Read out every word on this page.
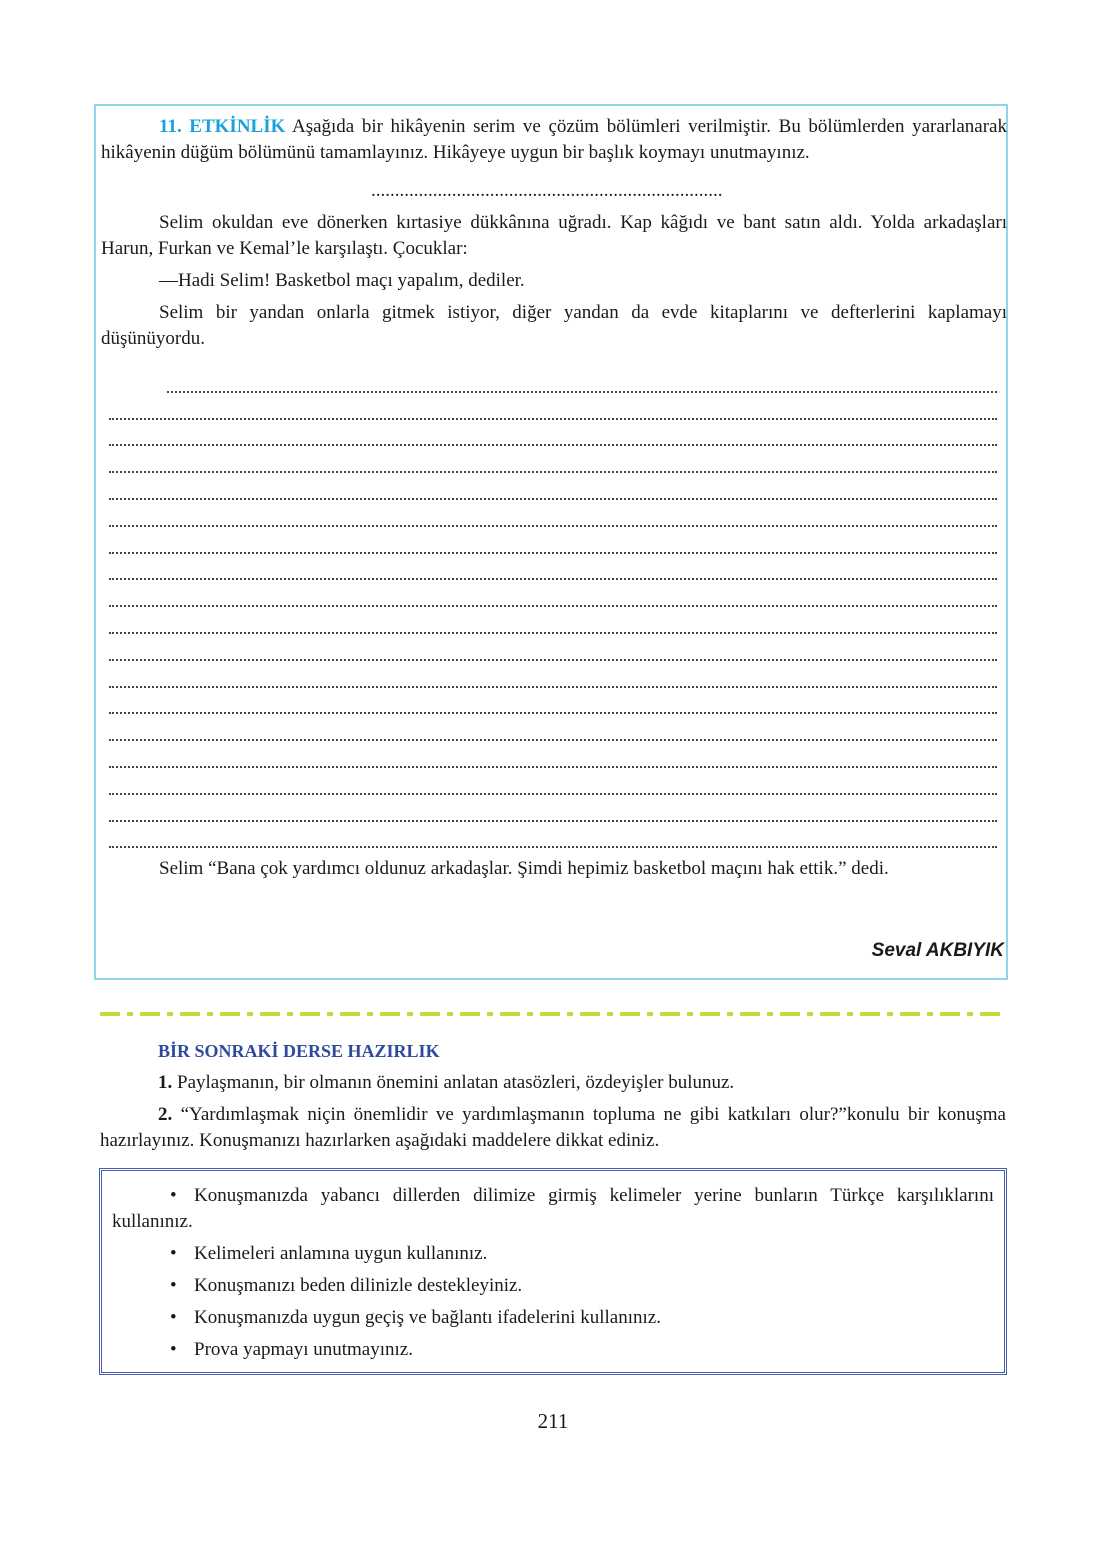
11. ETKİNLİK Aşağıda bir hikâyenin serim ve çözüm bölümleri verilmiştir. Bu bölümlerden yararlanarak hikâyenin düğüm bölümünü tamamlayınız. Hikâyeye uygun bir başlık koymayı unutmayınız.

..........................................................................

Selim okuldan eve dönerken kırtasiye dükkânına uğradı. Kap kâğıdı ve bant satın aldı. Yolda arkadaşları Harun, Furkan ve Kemal’le karşılaştı. Çocuklar:

—Hadi Selim! Basketbol maçı yapalım, dediler.

Selim bir yandan onlarla gitmek istiyor, diğer yandan da evde kitaplarını ve defterlerini kaplamayı düşünüyordu.

Selim “Bana çok yardımcı oldunuz arkadaşlar. Şimdi hepimiz basketbol maçını hak ettik.” dedi.

Seval AKBIYIK
BİR SONRAKİ DERSE HAZIRLIK

1. Paylaşmanın, bir olmanın önemini anlatan atasözleri, özdeyişler bulunuz.

2. “Yardımlaşmak niçin önemlidir ve yardımlaşmanın topluma ne gibi katkıları olur?”konulu bir konuşma hazırlayınız. Konuşmanızı hazırlarken aşağıdaki maddelere dikkat ediniz.

• Konuşmanızda yabancı dillerden dilimize girmiş kelimeler yerine bunların Türkçe karşılıklarını kullanınız.
• Kelimeleri anlamına uygun kullanınız.
• Konuşmanızı beden dilinizle destekleyiniz.
• Konuşmanızda uygun geçiş ve bağlantı ifadelerini kullanınız.
• Prova yapmayı unutmayınız.
211
